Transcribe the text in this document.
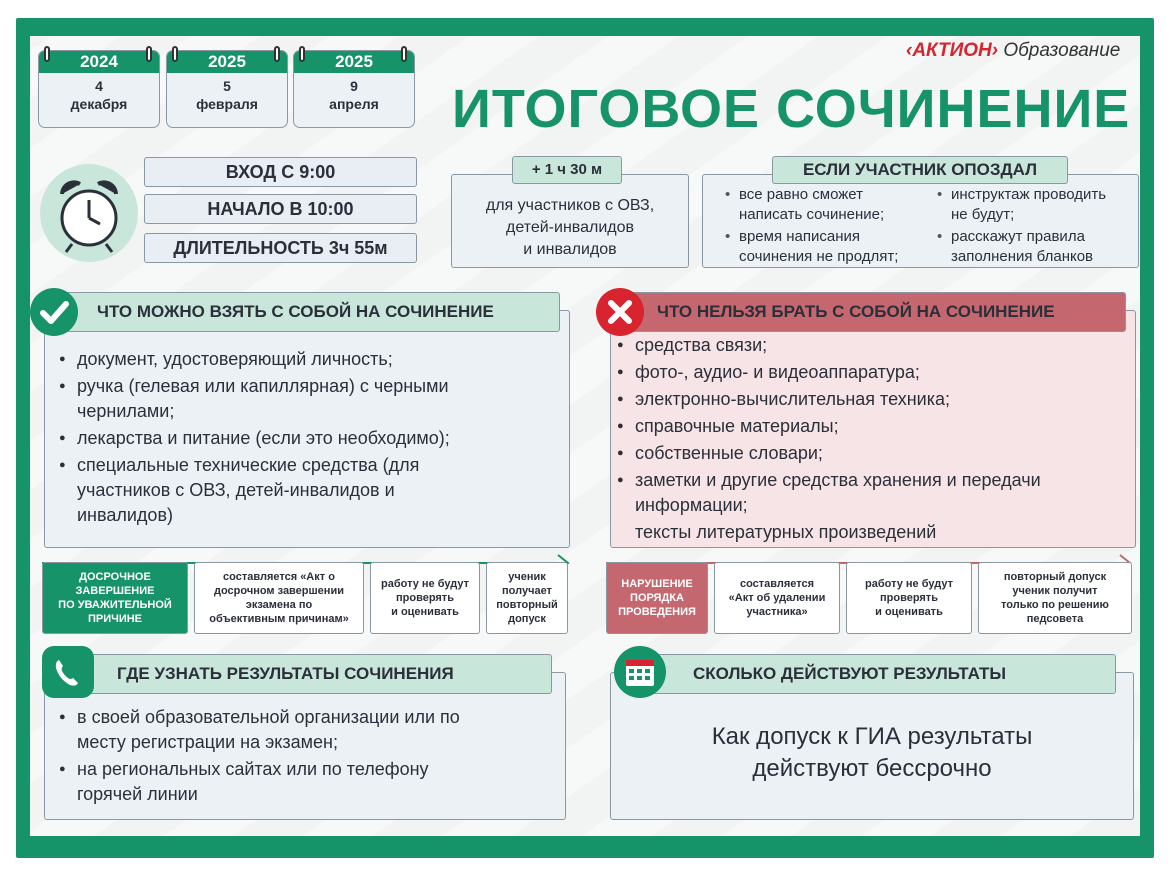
‹АКТИОН› Образование
2024
4
декабря
2025
5
февраля
2025
9
апреля	ИТОГОВОЕ СОЧИНЕНИЕ
ВХОД С 9:00
НАЧАЛО В 10:00
ДЛИТЕЛЬНОСТЬ 3ч 55м
+ 1 ч 30 м
для участников с ОВЗ,
детей-инвалидов
и инвалидов
ЕСЛИ УЧАСТНИК ОПОЗДАЛ
• все равно сможет
написать сочинение;
• время написания
сочинения не продлят;
• инструктаж проводить
не будут;
• расскажут правила
заполнения бланков
ЧТО МОЖНО ВЗЯТЬ С СОБОЙ НА СОЧИНЕНИЕ
● документ, удостоверяющий личность;
● ручка (гелевая или капиллярная) с черными
чернилами;
● лекарства и питание (если это необходимо);
● специальные технические средства (для
участников с ОВЗ, детей-инвалидов и
инвалидов)
ЧТО НЕЛЬЗЯ БРАТЬ С СОБОЙ НА СОЧИНЕНИЕ
● средства связи;
● фото-, аудио- и видеоаппаратура;
● электронно-вычислительная техника;
● справочные материалы;
● собственные словари;
● заметки и другие средства хранения и передачи
информации;
тексты литературных произведений
ДОСРОЧНОЕ
ЗАВЕРШЕНИЕ
ПО УВАЖИТЕЛЬНОЙ
ПРИЧИНЕ
составляется «Акт о
досрочном завершении
экзамена по
объективным причинам»
работу не будут
проверять
и оценивать
ученик
получает
повторный
допуск
НАРУШЕНИЕ
ПОРЯДКА
ПРОВЕДЕНИЯ
составляется
«Акт об удалении
участника»
работу не будут
проверять
и оценивать
повторный допуск
ученик получит
только по решению
педсовета
ГДЕ УЗНАТЬ РЕЗУЛЬТАТЫ СОЧИНЕНИЯ
● в своей образовательной организации или по
месту регистрации на экзамен;
● на региональных сайтах или по телефону
горячей линии
СКОЛЬКО ДЕЙСТВУЮТ РЕЗУЛЬТАТЫ
Как допуск к ГИА результаты
действуют бессрочно
